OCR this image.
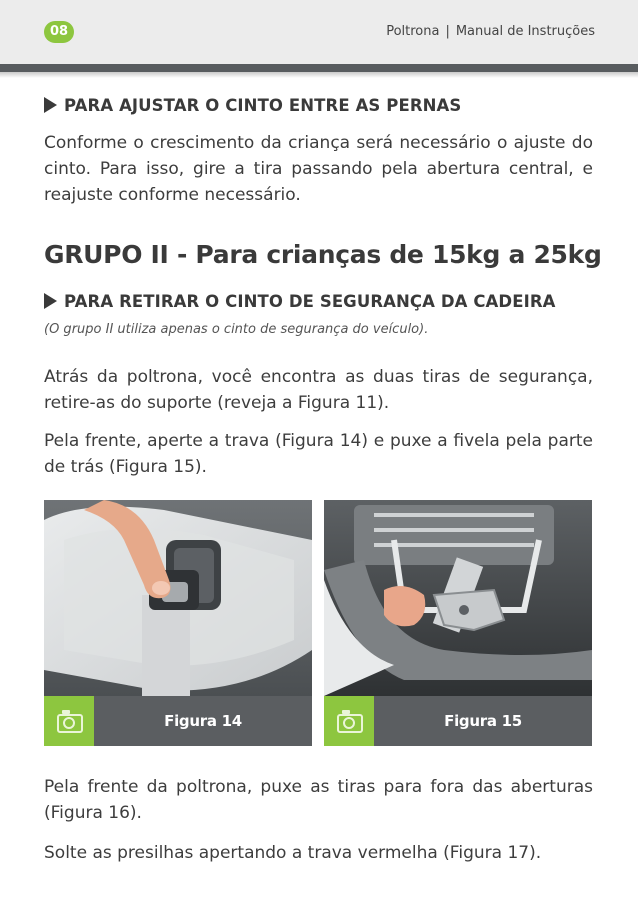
08	Poltrona | Manual de Instruções
PARA AJUSTAR O CINTO ENTRE AS PERNAS
Conforme o crescimento da criança será necessário o ajuste do cinto. Para isso, gire a tira passando pela abertura central, e reajuste conforme necessário.
GRUPO II - Para crianças de 15kg a 25kg
PARA RETIRAR O CINTO DE SEGURANÇA DA CADEIRA
(O grupo II utiliza apenas o cinto de segurança do veículo).
Atrás da poltrona, você encontra as duas tiras de segurança, retire-as do suporte (reveja a Figura 11).
Pela frente, aperte a trava (Figura 14) e puxe a fivela pela parte de trás (Figura 15).
Figura 14	Figura 15
Pela frente da poltrona, puxe as tiras para fora das aberturas (Figura 16).
Solte as presilhas apertando a trava vermelha (Figura 17).
